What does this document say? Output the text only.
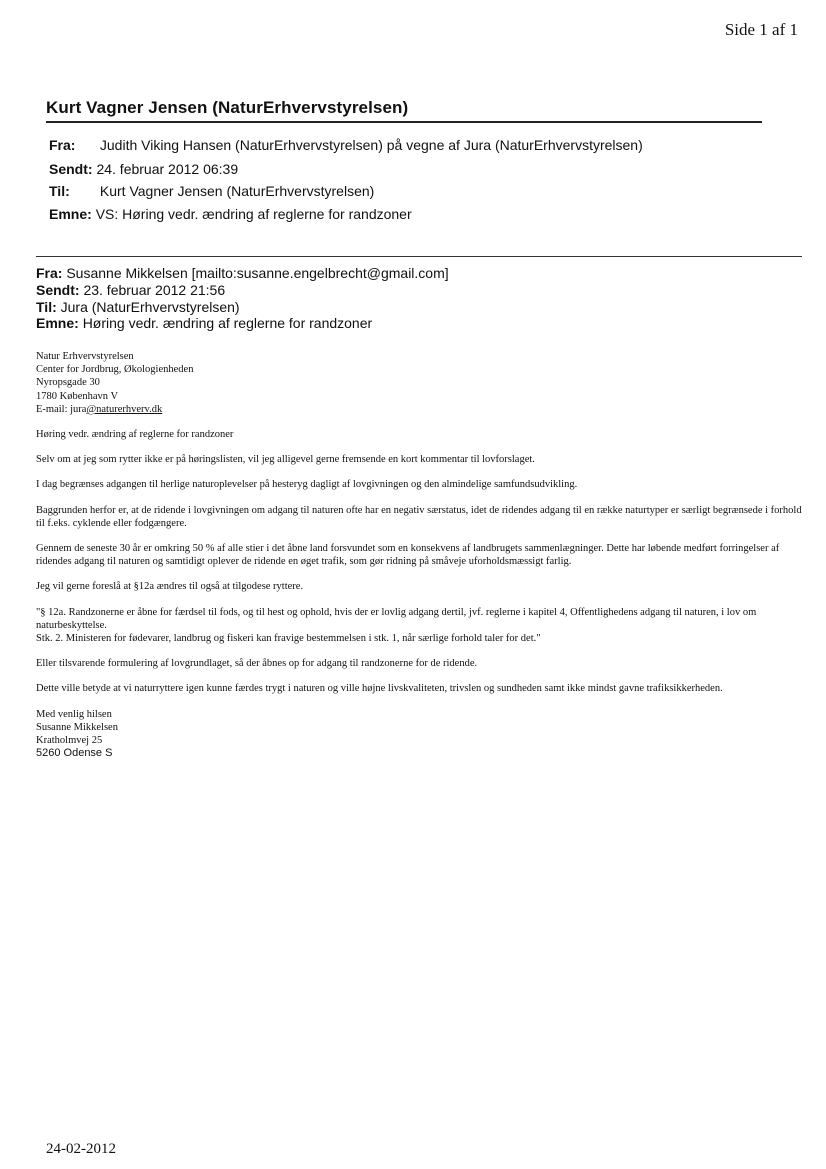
Side 1 af 1
Kurt Vagner Jensen (NaturErhvervstyrelsen)
Fra: Judith Viking Hansen (NaturErhvervstyrelsen) på vegne af Jura (NaturErhvervstyrelsen)
Sendt: 24. februar 2012 06:39
Til: Kurt Vagner Jensen (NaturErhvervstyrelsen)
Emne: VS: Høring vedr. ændring af reglerne for randzoner
Fra: Susanne Mikkelsen [mailto:susanne.engelbrecht@gmail.com]
Sendt: 23. februar 2012 21:56
Til: Jura (NaturErhvervstyrelsen)
Emne: Høring vedr. ændring af reglerne for randzoner

Natur Erhvervstyrelsen
Center for Jordbrug, Økologienheden
Nyropsgade 30
1780 København V
E-mail: jura@naturerhverv.dk

Høring vedr. ændring af reglerne for randzoner

Selv om at jeg som rytter ikke er på høringslisten, vil jeg alligevel gerne fremsende en kort kommentar til lovforslaget.

I dag begrænses adgangen til herlige naturoplevelser på hesteryg dagligt af lovgivningen og den almindelige samfundsudvikling.

Baggrunden herfor er, at de ridende i lovgivningen om adgang til naturen ofte har en negativ særstatus, idet de ridendes adgang til en række naturtyper er særligt begrænsede i forhold til f.eks. cyklende eller fodgængere.

Gennem de seneste 30 år er omkring 50 % af alle stier i det åbne land forsvundet som en konsekvens af landbrugets sammenlægninger. Dette har løbende medført forringelser af ridendes adgang til naturen og samtidigt oplever de ridende en øget trafik, som gør ridning på småveje uforholdsmæssigt farlig.

Jeg vil gerne foreslå at §12a ændres til også at tilgodese ryttere.

"§ 12a. Randzonerne er åbne for færdsel til fods, og til hest og ophold, hvis der er lovlig adgang dertil, jvf. reglerne i kapitel 4, Offentlighedens adgang til naturen, i lov om naturbeskyttelse.
Stk. 2. Ministeren for fødevarer, landbrug og fiskeri kan fravige bestemmelsen i stk. 1, når særlige forhold taler for det."

Eller tilsvarende formulering af lovgrundlaget, så der åbnes op for adgang til randzonerne for de ridende.

Dette ville betyde at vi naturryttere igen kunne færdes trygt i naturen og ville højne livskvaliteten, trivslen og sundheden samt ikke mindst gavne trafiksikkerheden.

Med venlig hilsen
Susanne Mikkelsen
Kratholmvej 25
5260 Odense S

24-02-2012
